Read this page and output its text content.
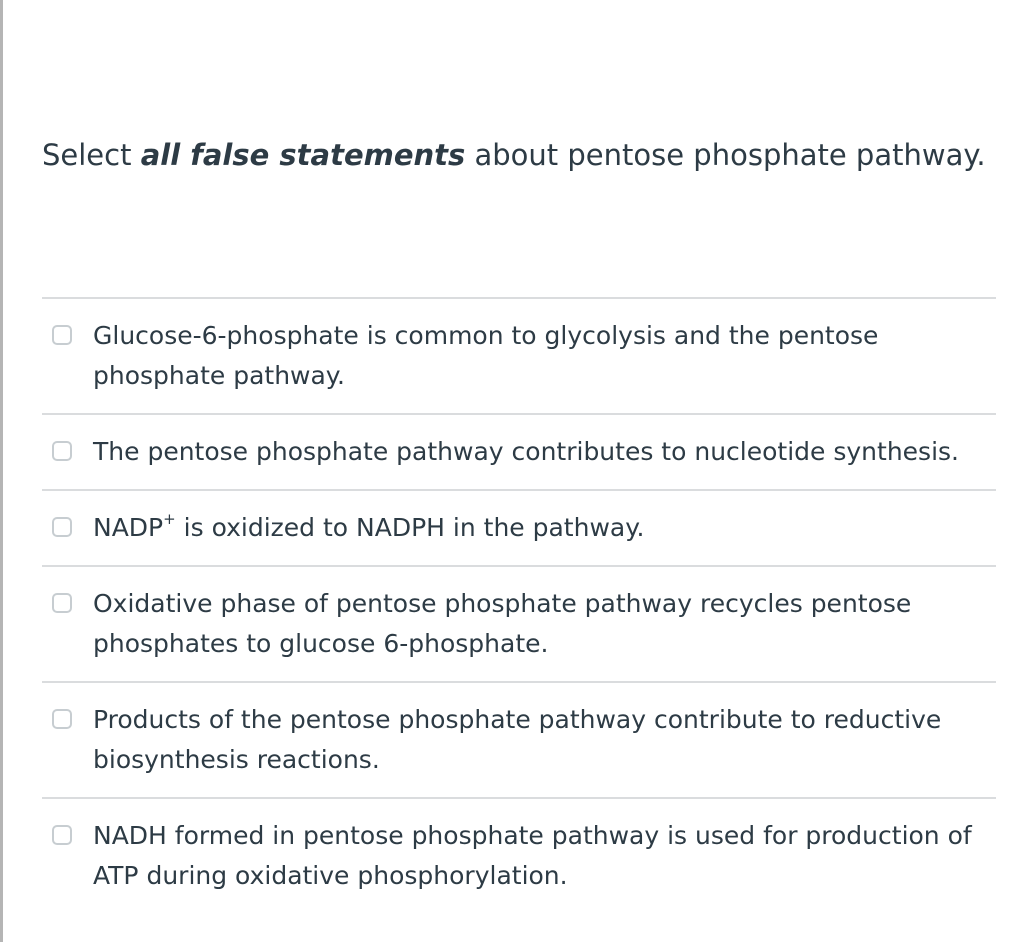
Select all false statements about pentose phosphate pathway.
Glucose-6-phosphate is common to glycolysis and the pentose phosphate pathway.
The pentose phosphate pathway contributes to nucleotide synthesis.
NADP+ is oxidized to NADPH in the pathway.
Oxidative phase of pentose phosphate pathway recycles pentose phosphates to glucose 6-phosphate.
Products of the pentose phosphate pathway contribute to reductive biosynthesis reactions.
NADH formed in pentose phosphate pathway is used for production of ATP during oxidative phosphorylation.
